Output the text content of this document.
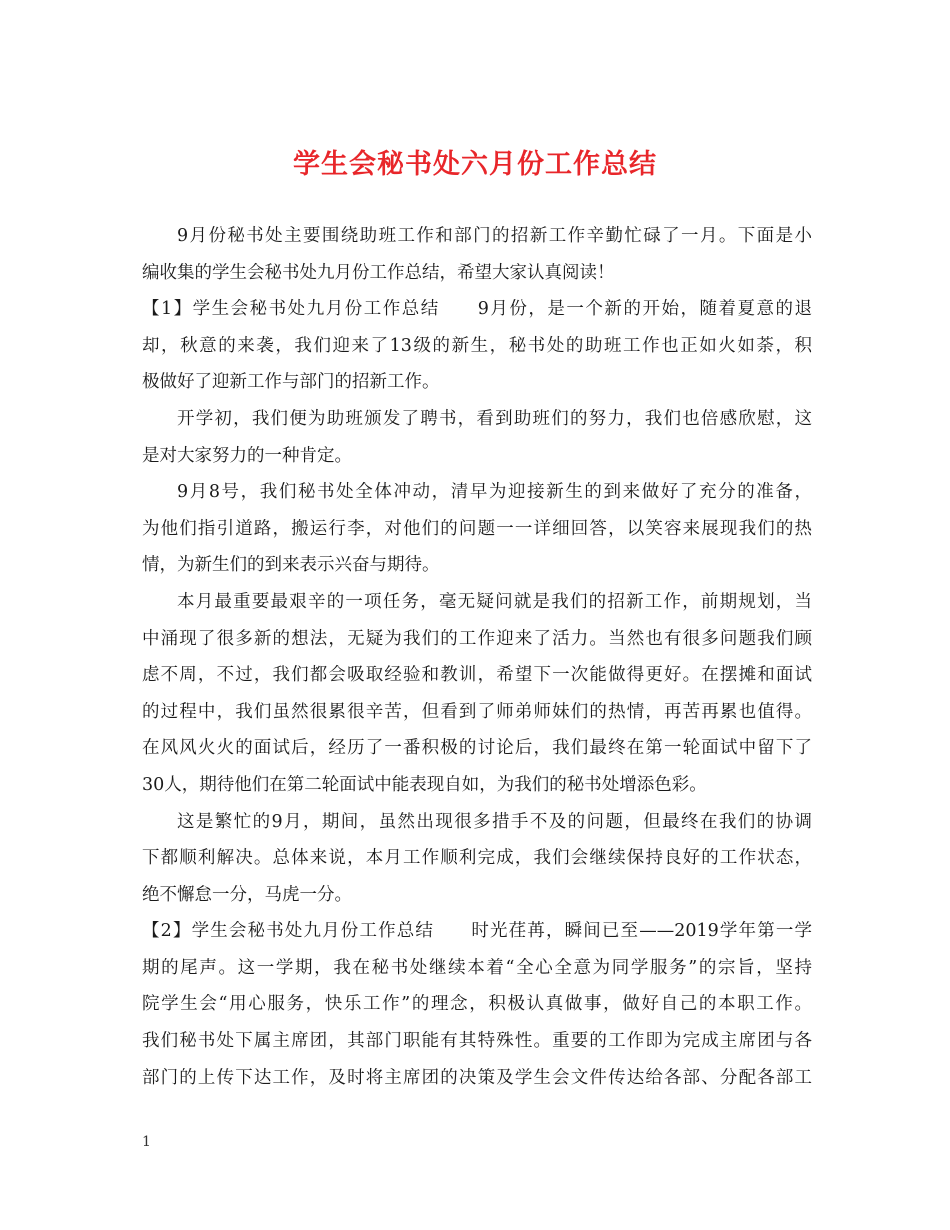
学生会秘书处六月份工作总结
9月份秘书处主要围绕助班工作和部门的招新工作辛勤忙碌了一月。下面是小
编收集的学生会秘书处九月份工作总结，希望大家认真阅读！
【1】学生会秘书处九月份工作总结　　9月份，是一个新的开始，随着夏意的退
却，秋意的来袭，我们迎来了13级的新生，秘书处的助班工作也正如火如荼，积
极做好了迎新工作与部门的招新工作。
开学初，我们便为助班颁发了聘书，看到助班们的努力，我们也倍感欣慰，这
是对大家努力的一种肯定。
9月8号，我们秘书处全体冲动，清早为迎接新生的到来做好了充分的准备，
为他们指引道路，搬运行李，对他们的问题一一详细回答，以笑容来展现我们的热
情，为新生们的到来表示兴奋与期待。
本月最重要最艰辛的一项任务，毫无疑问就是我们的招新工作，前期规划，当
中涌现了很多新的想法，无疑为我们的工作迎来了活力。当然也有很多问题我们顾
虑不周，不过，我们都会吸取经验和教训，希望下一次能做得更好。在摆摊和面试
的过程中，我们虽然很累很辛苦，但看到了师弟师妹们的热情，再苦再累也值得。
在风风火火的面试后，经历了一番积极的讨论后，我们最终在第一轮面试中留下了
30人，期待他们在第二轮面试中能表现自如，为我们的秘书处增添色彩。
这是繁忙的9月，期间，虽然出现很多措手不及的问题，但最终在我们的协调
下都顺利解决。总体来说，本月工作顺利完成，我们会继续保持良好的工作状态，
绝不懈怠一分，马虎一分。
【2】学生会秘书处九月份工作总结　　时光荏苒，瞬间已至——2019学年第一学
期的尾声。这一学期，我在秘书处继续本着“全心全意为同学服务”的宗旨，坚持
院学生会“用心服务，快乐工作”的理念，积极认真做事，做好自己的本职工作。
我们秘书处下属主席团，其部门职能有其特殊性。重要的工作即为完成主席团与各
部门的上传下达工作，及时将主席团的决策及学生会文件传达给各部、分配各部工
1
